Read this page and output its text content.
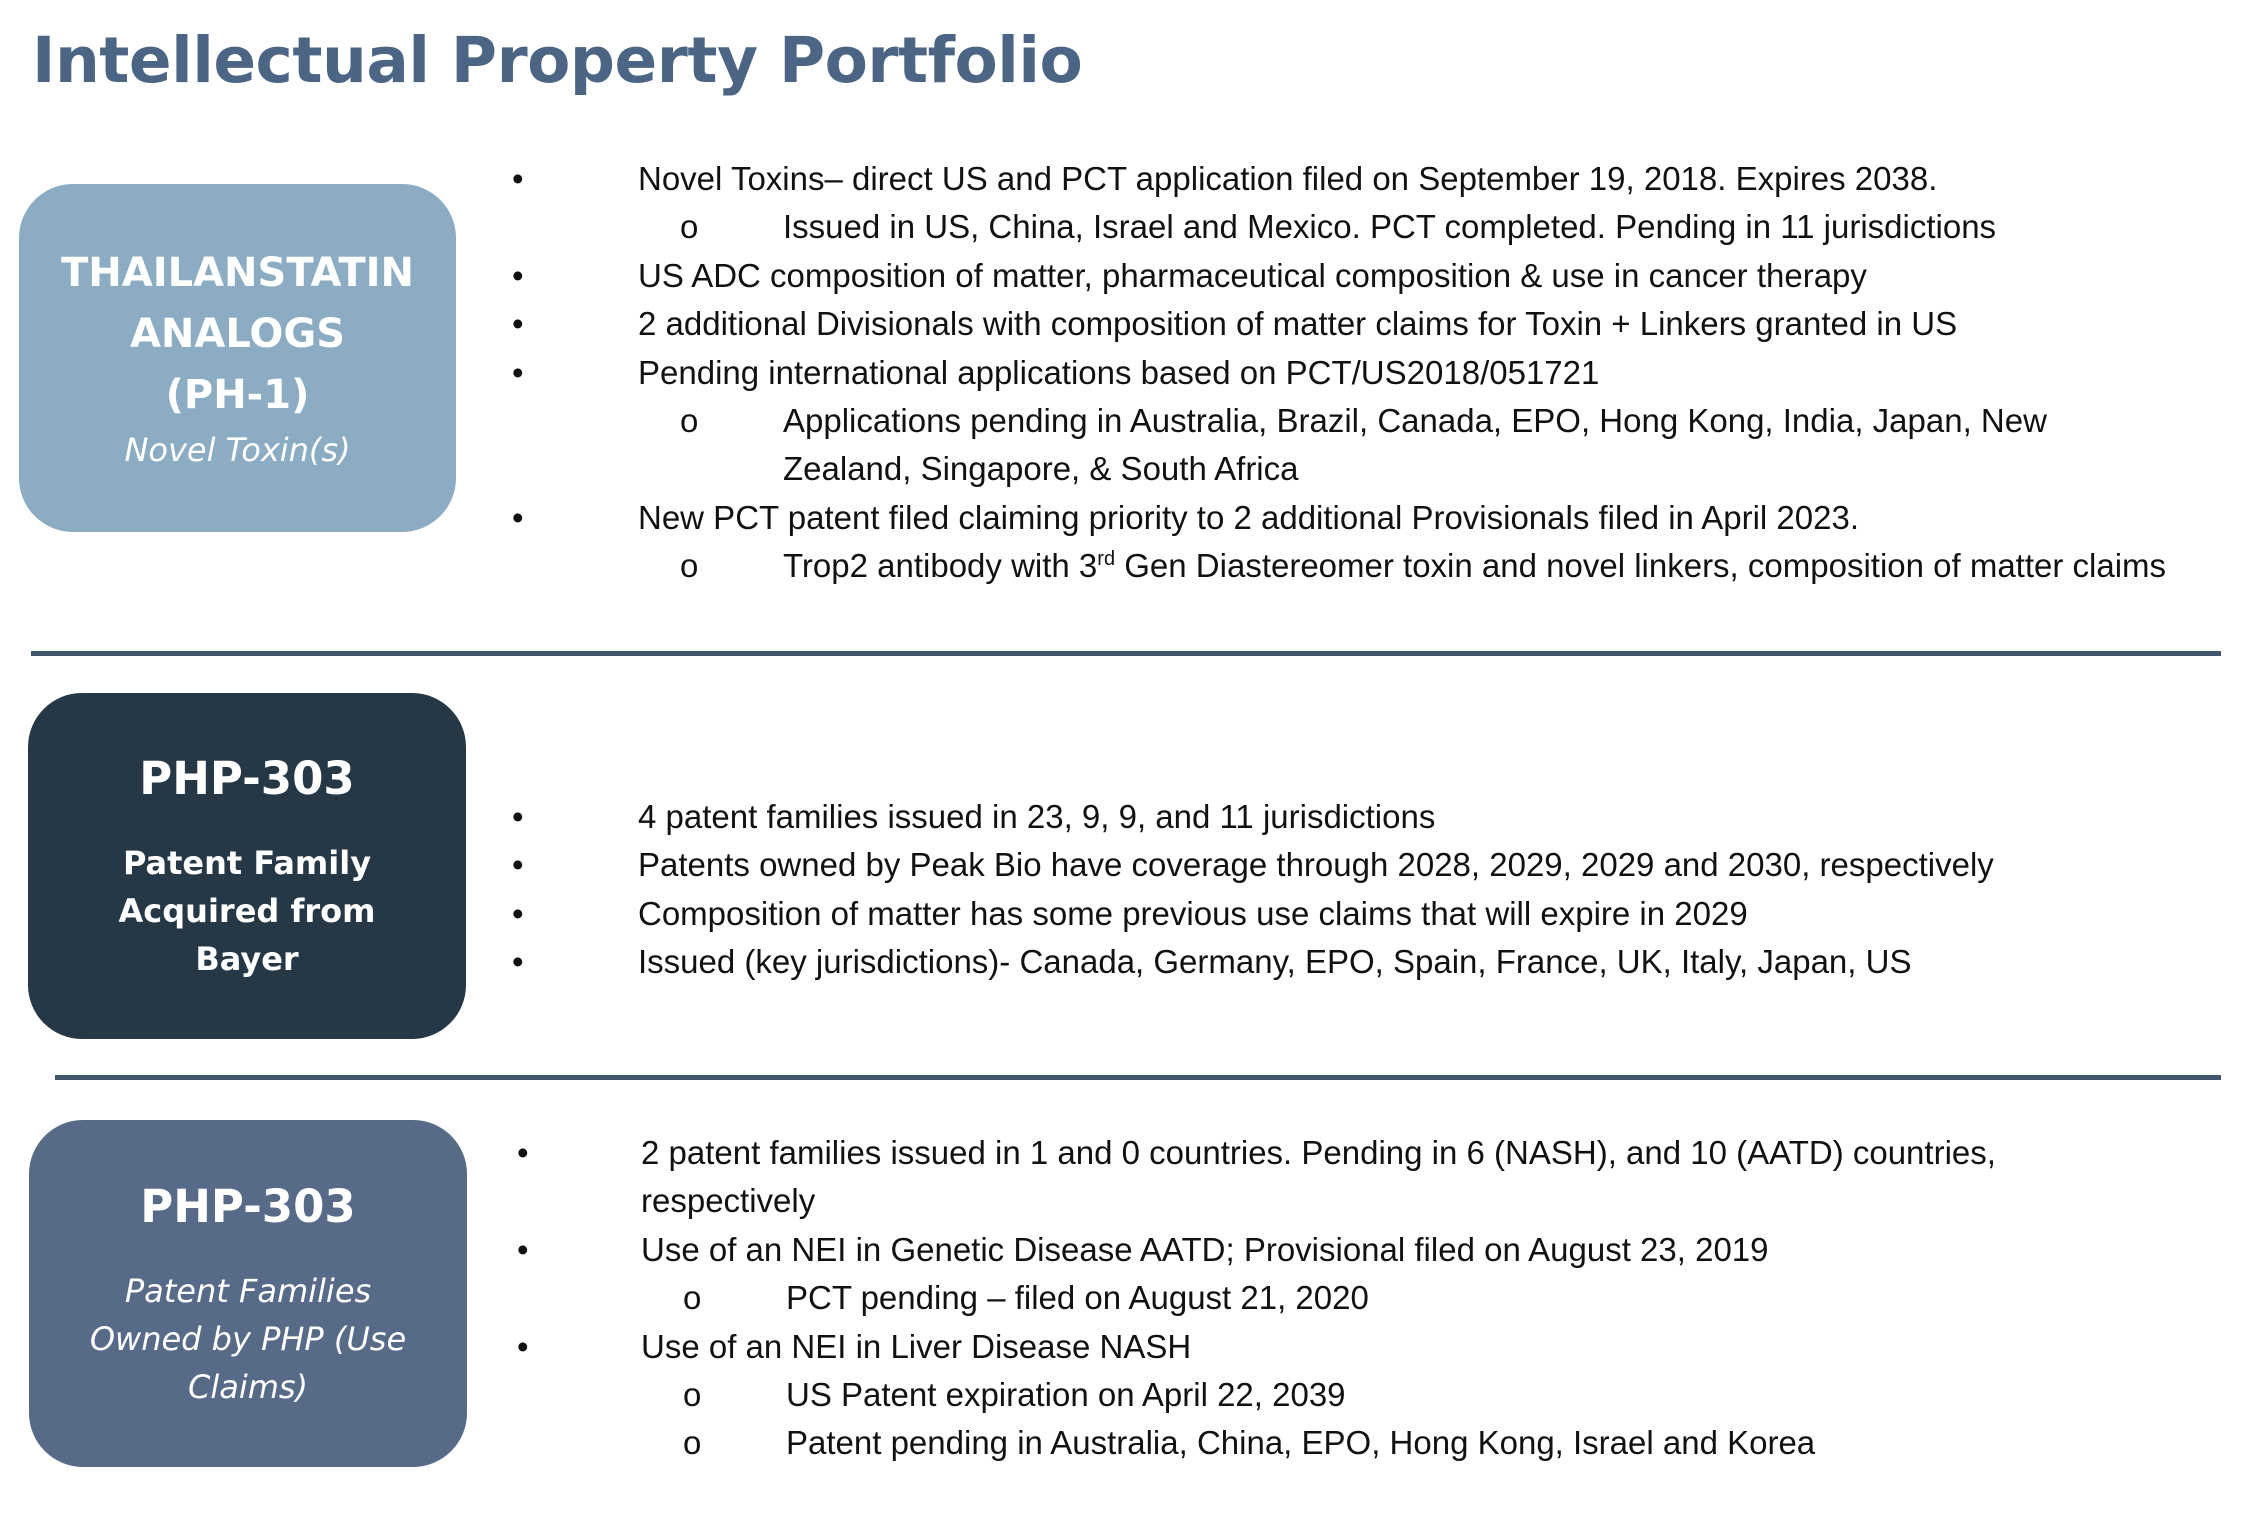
Intellectual Property Portfolio
THAILANSTATIN
ANALOGS
(PH-1)
Novel Toxin(s)
•	Novel Toxins– direct US and PCT application filed on September 19, 2018. Expires 2038.
o	Issued in US, China, Israel and Mexico. PCT completed. Pending in 11 jurisdictions
•	US ADC composition of matter, pharmaceutical composition & use in cancer therapy
•	2 additional Divisionals with composition of matter claims for Toxin + Linkers granted in US
•	Pending international applications based on PCT/US2018/051721
o	Applications pending in Australia, Brazil, Canada, EPO, Hong Kong, India, Japan, New Zealand, Singapore, & South Africa
•	New PCT patent filed claiming priority to 2 additional Provisionals filed in April 2023.
o	Trop2 antibody with 3rd Gen Diastereomer toxin and novel linkers, composition of matter claims
PHP-303
Patent Family
Acquired from
Bayer
•	4 patent families issued in 23, 9, 9, and 11 jurisdictions
•	Patents owned by Peak Bio have coverage through 2028, 2029, 2029 and 2030, respectively
•	Composition of matter has some previous use claims that will expire in 2029
•	Issued (key jurisdictions)- Canada, Germany, EPO, Spain, France, UK, Italy, Japan, US
PHP-303
Patent Families
Owned by PHP (Use
Claims)
•	2 patent families issued in 1 and 0 countries. Pending in 6 (NASH), and 10 (AATD) countries, respectively
•	Use of an NEI in Genetic Disease AATD; Provisional filed on August 23, 2019
o	PCT pending – filed on August 21, 2020
•	Use of an NEI in Liver Disease NASH
o	US Patent expiration on April 22, 2039
o	Patent pending in Australia, China, EPO, Hong Kong, Israel and Korea
